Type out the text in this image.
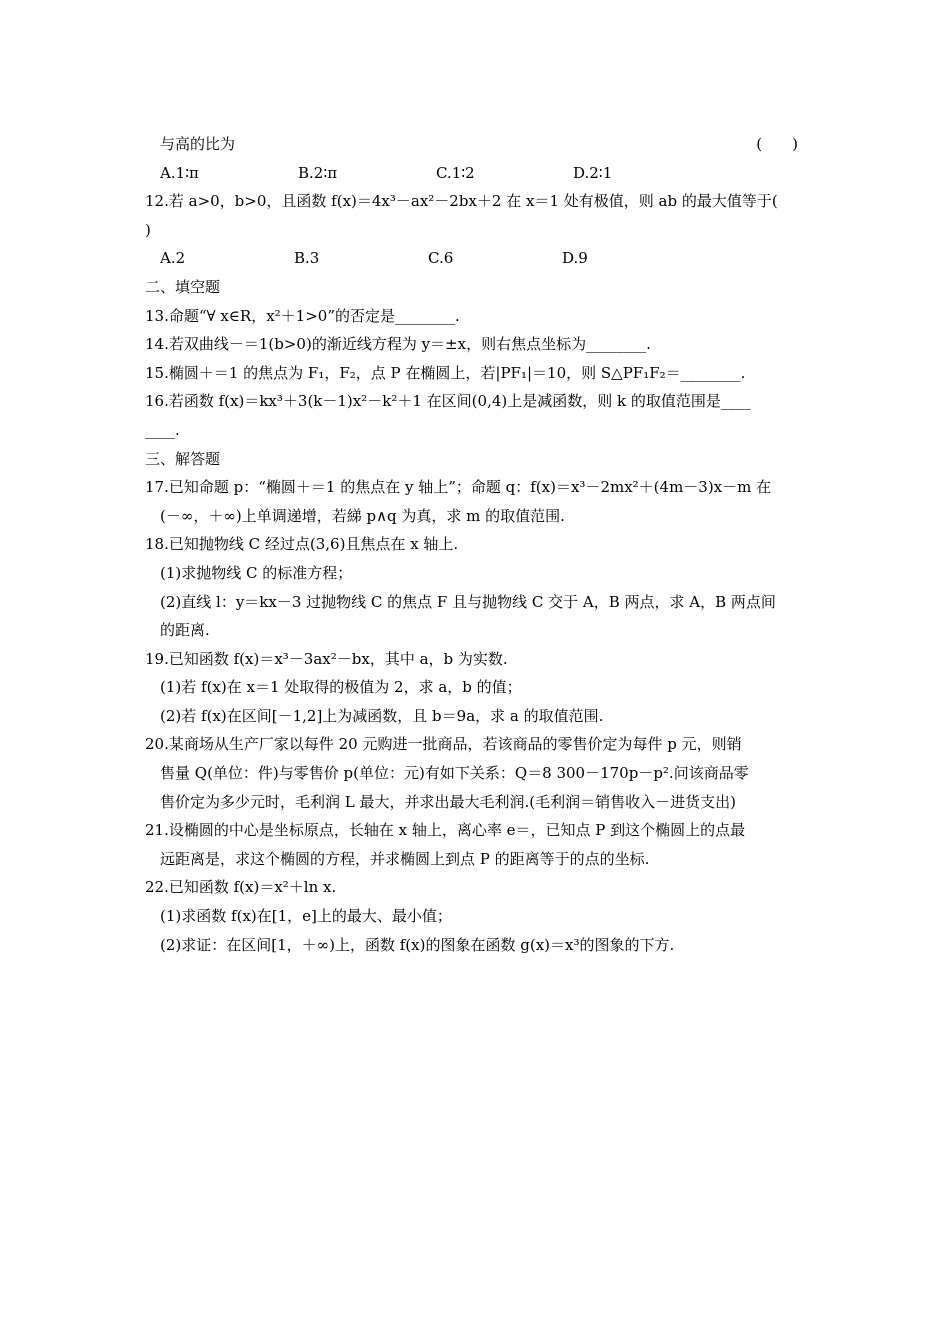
与高的比为	(　　)
A.1∶π	B.2∶π	C.1∶2	D.2∶1
12.若 a>0，b>0，且函数 f(x)＝4x³－ax²－2bx＋2 在 x＝1 处有极值，则 ab 的最大值等于(
)
A.2	B.3	C.6	D.9
二、填空题
13.命题“∀ x∈R，x²＋1>0”的否定是________.
14.若双曲线－＝1(b>0)的渐近线方程为 y＝±x，则右焦点坐标为________.
15.椭圆＋＝1 的焦点为 F₁，F₂，点 P 在椭圆上，若|PF₁|＝10，则 S△PF₁F₂＝________.
16.若函数 f(x)＝kx³＋3(k－1)x²－k²＋1 在区间(0,4)上是减函数，则 k 的取值范围是____
____.
三、解答题
17.已知命题 p：“椭圆＋＝1 的焦点在 y 轴上”；命题 q：f(x)＝x³－2mx²＋(4m－3)x－m 在
(－∞，＋∞)上单调递增，若綈 p∧q 为真，求 m 的取值范围.
18.已知抛物线 C 经过点(3,6)且焦点在 x 轴上.
(1)求抛物线 C 的标准方程；
(2)直线 l：y＝kx－3 过抛物线 C 的焦点 F 且与抛物线 C 交于 A，B 两点，求 A，B 两点间
的距离.
19.已知函数 f(x)＝x³－3ax²－bx，其中 a，b 为实数.
(1)若 f(x)在 x＝1 处取得的极值为 2，求 a，b 的值；
(2)若 f(x)在区间[－1,2]上为减函数，且 b＝9a，求 a 的取值范围.
20.某商场从生产厂家以每件 20 元购进一批商品，若该商品的零售价定为每件 p 元，则销
售量 Q(单位：件)与零售价 p(单位：元)有如下关系：Q＝8 300－170p－p².问该商品零
售价定为多少元时，毛利润 L 最大，并求出最大毛利润.(毛利润＝销售收入－进货支出)
21.设椭圆的中心是坐标原点，长轴在 x 轴上，离心率 e＝，已知点 P 到这个椭圆上的点最
远距离是，求这个椭圆的方程，并求椭圆上到点 P 的距离等于的点的坐标.
22.已知函数 f(x)＝x²＋ln x.
(1)求函数 f(x)在[1，e]上的最大、最小值；
(2)求证：在区间[1，＋∞)上，函数 f(x)的图象在函数 g(x)＝x³的图象的下方.
